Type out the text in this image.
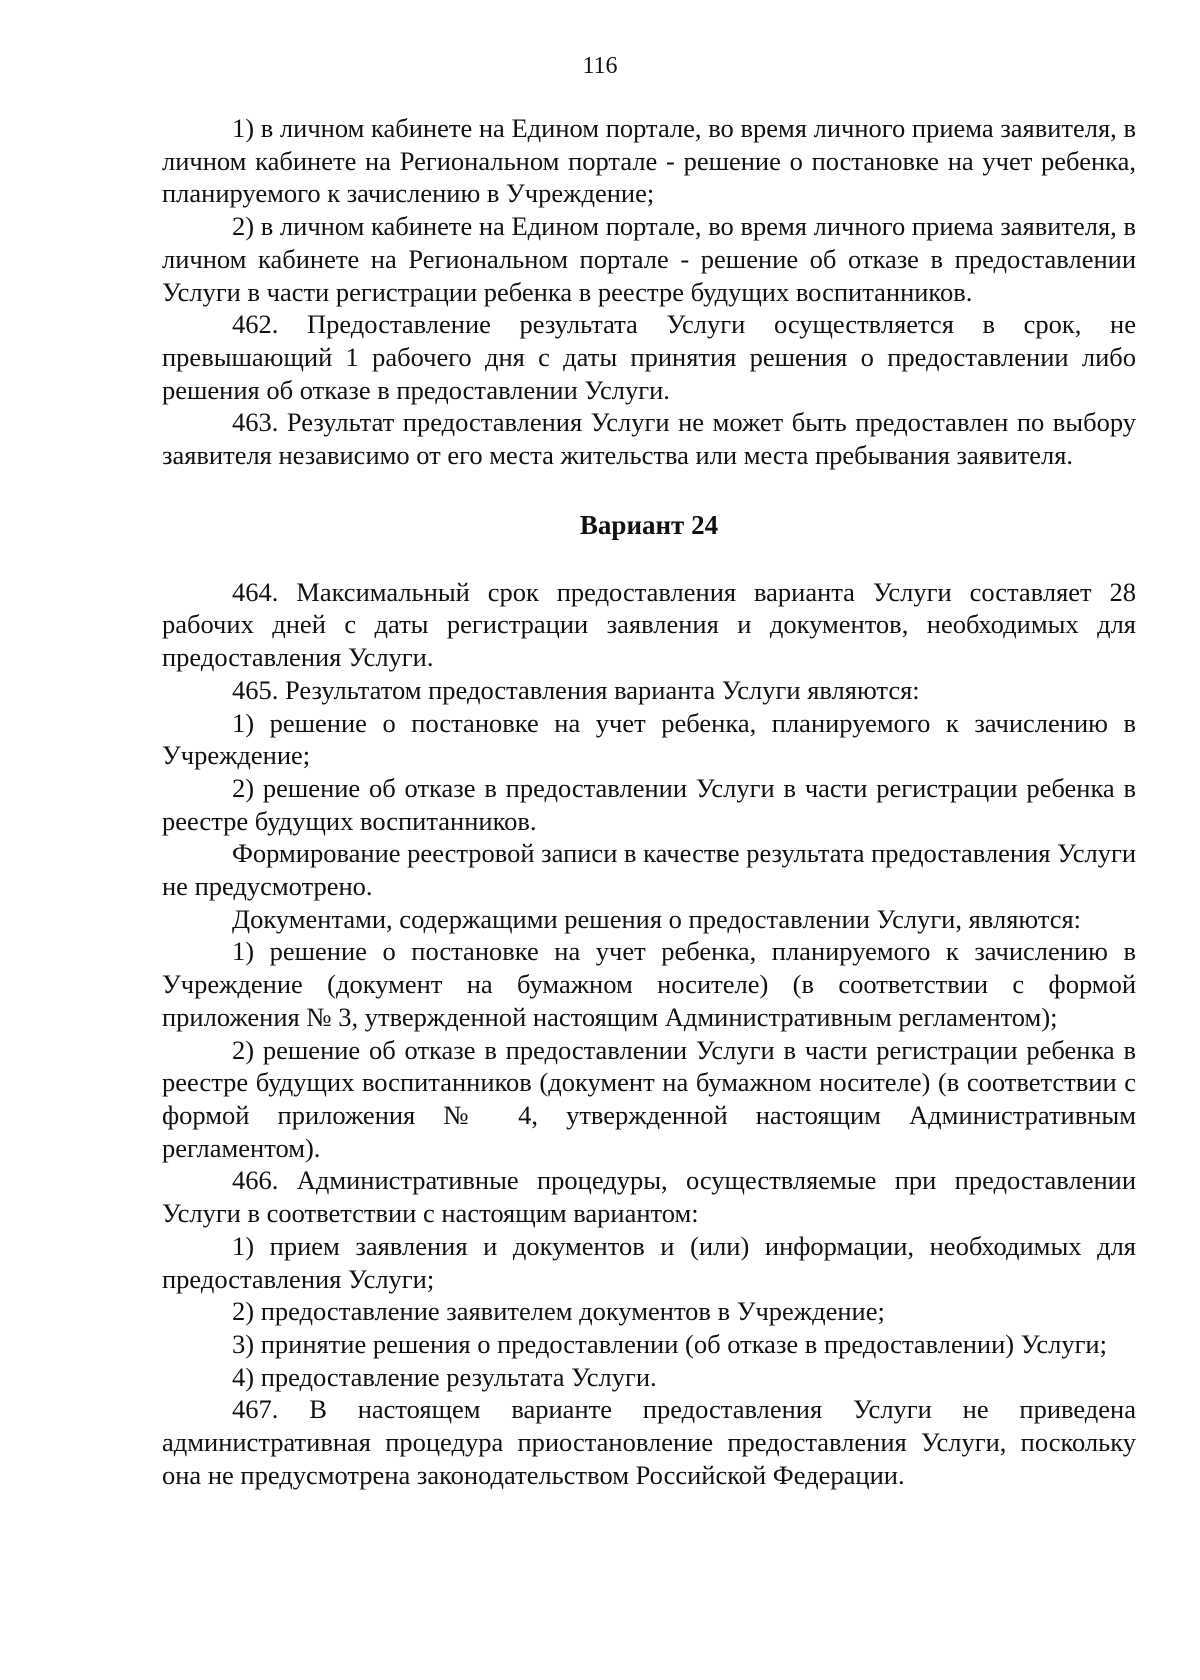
116

1) в личном кабинете на Едином портале, во время личного приема заявителя, в личном кабинете на Региональном портале - решение о постановке на учет ребенка, планируемого к зачислению в Учреждение;

2) в личном кабинете на Едином портале, во время личного приема заявителя, в личном кабинете на Региональном портале - решение об отказе в предоставлении Услуги в части регистрации ребенка в реестре будущих воспитанников.

462. Предоставление результата Услуги осуществляется в срок, не превышающий 1 рабочего дня с даты принятия решения о предоставлении либо решения об отказе в предоставлении Услуги.

463. Результат предоставления Услуги не может быть предоставлен по выбору заявителя независимо от его места жительства или места пребывания заявителя.

Вариант 24

464. Максимальный срок предоставления варианта Услуги составляет 28 рабочих дней с даты регистрации заявления и документов, необходимых для предоставления Услуги.

465. Результатом предоставления варианта Услуги являются:

1) решение о постановке на учет ребенка, планируемого к зачислению в Учреждение;

2) решение об отказе в предоставлении Услуги в части регистрации ребенка в реестре будущих воспитанников.

Формирование реестровой записи в качестве результата предоставления Услуги не предусмотрено.

Документами, содержащими решения о предоставлении Услуги, являются:

1) решение о постановке на учет ребенка, планируемого к зачислению в Учреждение (документ на бумажном носителе) (в соответствии с формой приложения № 3, утвержденной настоящим Административным регламентом);

2) решение об отказе в предоставлении Услуги в части регистрации ребенка в реестре будущих воспитанников (документ на бумажном носителе) (в соответствии с формой приложения № 4, утвержденной настоящим Административным регламентом).

466. Административные процедуры, осуществляемые при предоставлении Услуги в соответствии с настоящим вариантом:

1) прием заявления и документов и (или) информации, необходимых для предоставления Услуги;

2) предоставление заявителем документов в Учреждение;

3) принятие решения о предоставлении (об отказе в предоставлении) Услуги;

4) предоставление результата Услуги.

467. В настоящем варианте предоставления Услуги не приведена административная процедура приостановление предоставления Услуги, поскольку она не предусмотрена законодательством Российской Федерации.
